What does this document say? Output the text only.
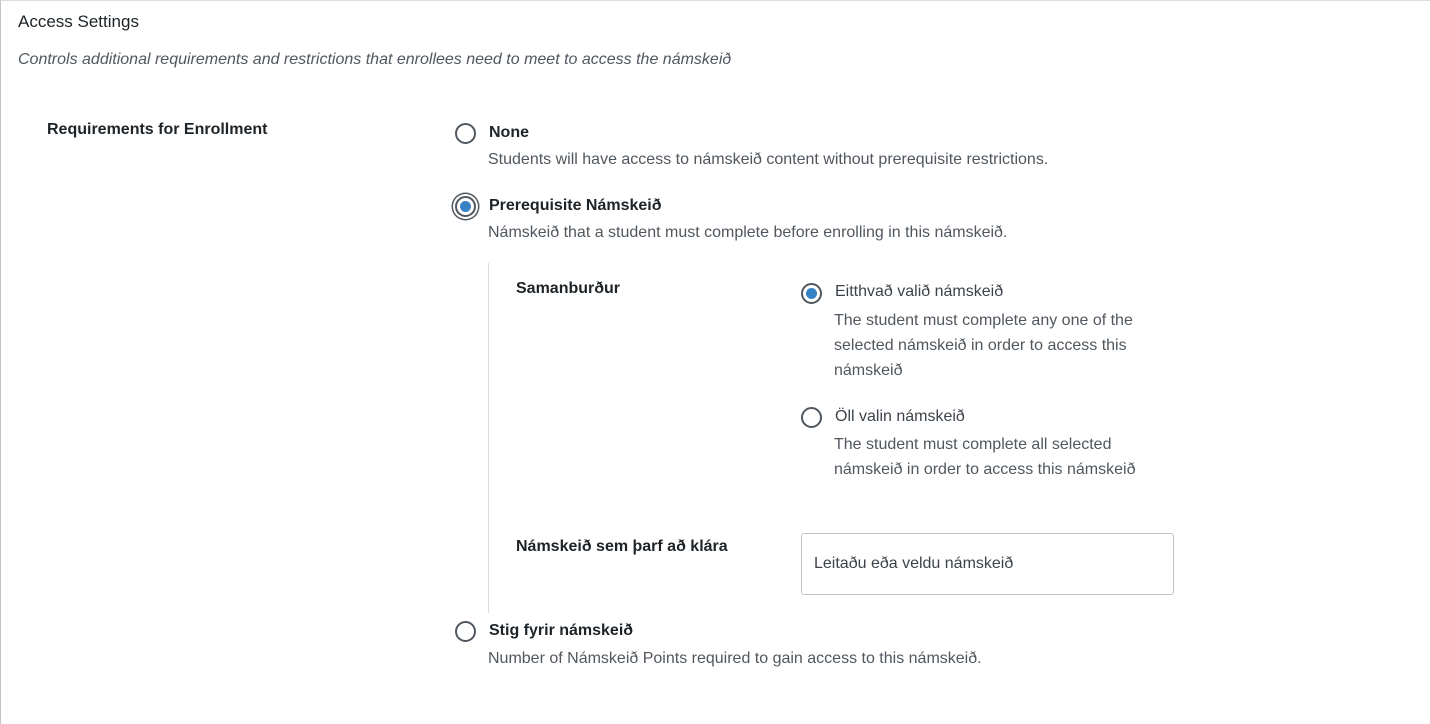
Access Settings
Controls additional requirements and restrictions that enrollees need to meet to access the námskeið
Requirements for Enrollment	None
Students will have access to námskeið content without prerequisite restrictions.
Prerequisite Námskeið
Námskeið that a student must complete before enrolling in this námskeið.
Samanburður	Eitthvað valið námskeið
The student must complete any one of the
selected námskeið in order to access this
námskeið
Öll valin námskeið
The student must complete all selected
námskeið in order to access this námskeið
Námskeið sem þarf að klára
Leitaðu eða veldu námskeið
Stig fyrir námskeið
Number of Námskeið Points required to gain access to this námskeið.
